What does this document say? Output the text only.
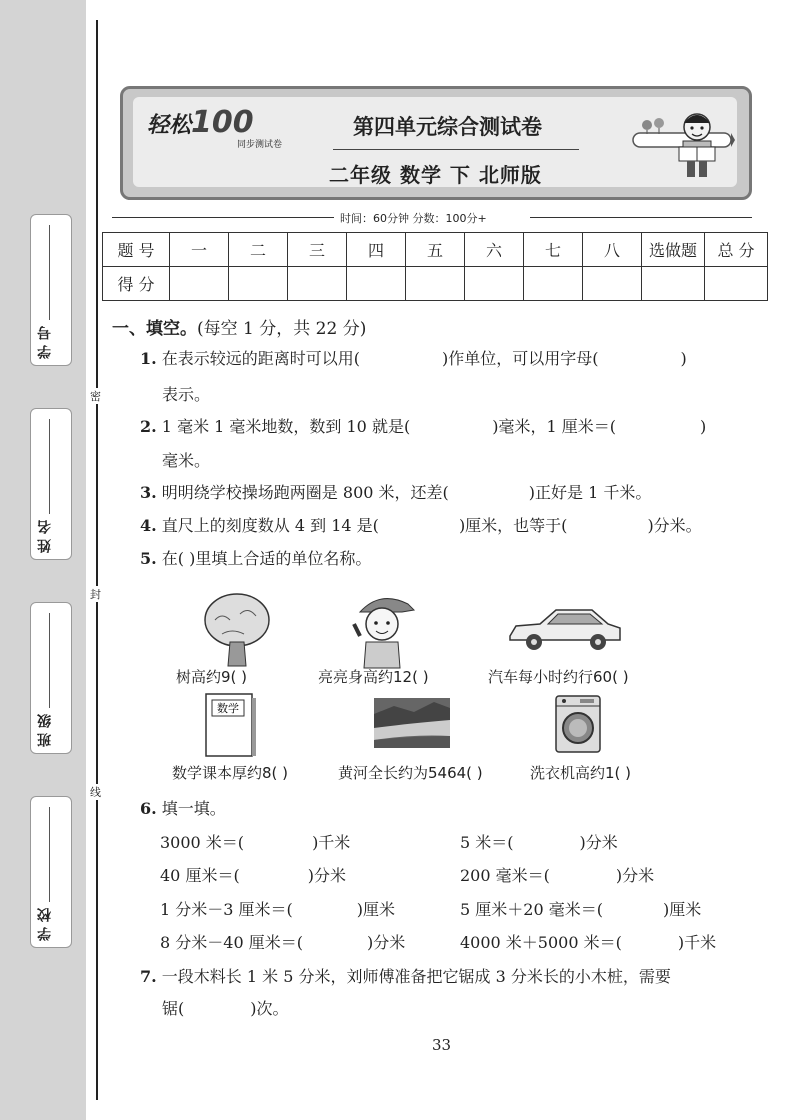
学 号
姓 名
班 级
学 校
密
封
线
轻松100
同步测试卷
第四单元综合测试卷
二年级 数学 下 北师版
时间：60分钟 分数：100分+
题 号	一	二	三	四	五	六	七	八	选做题	总 分
得 分										
一、填空。(每空 1 分，共 22 分)
1. 在表示较远的距离时可以用(	)作单位，可以用字母(	)
表示。
2. 1 毫米 1 毫米地数，数到 10 就是(	)毫米，1 厘米＝(	)
毫米。
3. 明明绕学校操场跑两圈是 800 米，还差(	)正好是 1 千米。
4. 直尺上的刻度数从 4 到 14 是(	)厘米，也等于(	)分米。
5. 在( )里填上合适的单位名称。
树高约9( )	亮亮身高约12( )	汽车每小时约行60( )
数学
数学课本厚约8( )	黄河全长约为5464( )	洗衣机高约1( )
6. 填一填。
3000 米＝(	)千米	5 米＝(	)分米
40 厘米＝(	)分米	200 毫米＝(	)分米
1 分米－3 厘米＝(	)厘米	5 厘米＋20 毫米＝(	)厘米
8 分米－40 厘米＝(	)分米	4000 米＋5000 米＝(	)千米
7. 一段木料长 1 米 5 分米，刘师傅准备把它锯成 3 分米长的小木桩，需要
锯(	)次。
33
